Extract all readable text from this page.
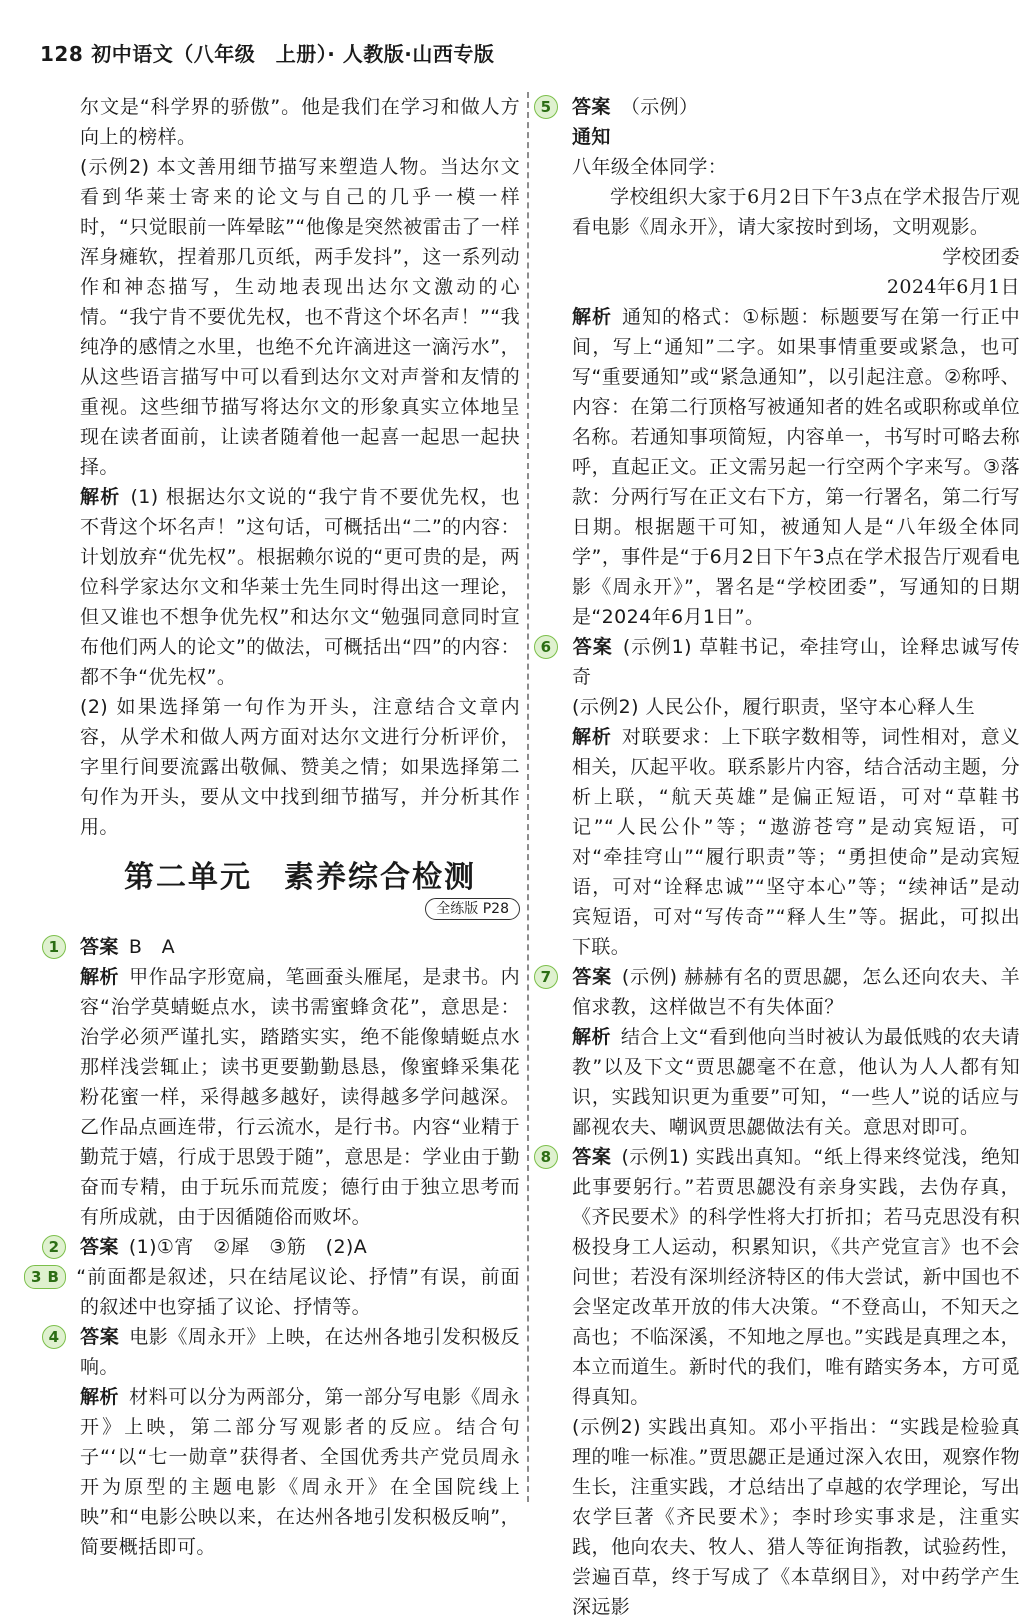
128 初中语文（八年级　上册）· 人教版·山西专版

尔文是“科学界的骄傲”。他是我们在学习和做人方向上的榜样。

(示例2) 本文善用细节描写来塑造人物。当达尔文看到华莱士寄来的论文与自己的几乎一模一样时，“只觉眼前一阵晕眩”“他像是突然被雷击了一样浑身瘫软，捏着那几页纸，两手发抖”，这一系列动作和神态描写，生动地表现出达尔文激动的心情。“我宁肯不要优先权，也不背这个坏名声！”“我纯净的感情之水里，也绝不允许滴进这一滴污水”，从这些语言描写中可以看到达尔文对声誉和友情的重视。这些细节描写将达尔文的形象真实立体地呈现在读者面前，让读者随着他一起喜一起思一起抉择。

解析 (1) 根据达尔文说的“我宁肯不要优先权，也不背这个坏名声！”这句话，可概括出“二”的内容：计划放弃“优先权”。根据赖尔说的“更可贵的是，两位科学家达尔文和华莱士先生同时得出这一理论，但又谁也不想争优先权”和达尔文“勉强同意同时宣布他们两人的论文”的做法，可概括出“四”的内容：都不争“优先权”。

(2) 如果选择第一句作为开头，注意结合文章内容，从学术和做人两方面对达尔文进行分析评价，字里行间要流露出敬佩、赞美之情；如果选择第二句作为开头，要从文中找到细节描写，并分析其作用。

第二单元　素养综合检测
全练版 P28

1 答案 B　A

解析 甲作品字形宽扁，笔画蚕头雁尾，是隶书。内容“治学莫蜻蜓点水，读书需蜜蜂贪花”，意思是：治学必须严谨扎实，踏踏实实，绝不能像蜻蜓点水那样浅尝辄止；读书更要勤勤恳恳，像蜜蜂采集花粉花蜜一样，采得越多越好，读得越多学问越深。乙作品点画连带，行云流水，是行书。内容“业精于勤荒于嬉，行成于思毁于随”，意思是：学业由于勤奋而专精，由于玩乐而荒废；德行由于独立思考而有所成就，由于因循随俗而败坏。

2 答案 (1)①宵　②犀　③筋　(2)A

3 B “前面都是叙述，只在结尾议论、抒情”有误，前面的叙述中也穿插了议论、抒情等。

4 答案 电影《周永开》上映，在达州各地引发积极反响。

解析 材料可以分为两部分，第一部分写电影《周永开》上映，第二部分写观影者的反应。结合句子“‘以“七一勋章”获得者、全国优秀共产党员周永开为原型的主题电影《周永开》在全国院线上映”和“电影公映以来，在达州各地引发积极反响”，简要概括即可。

5 答案 （示例）

通知

八年级全体同学：

学校组织大家于6月2日下午3点在学术报告厅观看电影《周永开》，请大家按时到场，文明观影。

学校团委

2024年6月1日

解析 通知的格式：①标题：标题要写在第一行正中间，写上“通知”二字。如果事情重要或紧急，也可写“重要通知”或“紧急通知”，以引起注意。②称呼、内容：在第二行顶格写被通知者的姓名或职称或单位名称。若通知事项简短，内容单一，书写时可略去称呼，直起正文。正文需另起一行空两个字来写。③落款：分两行写在正文右下方，第一行署名，第二行写日期。根据题干可知，被通知人是“八年级全体同学”，事件是“于6月2日下午3点在学术报告厅观看电影《周永开》”，署名是“学校团委”，写通知的日期是“2024年6月1日”。

6 答案 (示例1) 草鞋书记，牵挂穹山，诠释忠诚写传奇

(示例2) 人民公仆，履行职责，坚守本心释人生

解析 对联要求：上下联字数相等，词性相对，意义相关，仄起平收。联系影片内容，结合活动主题，分析上联，“航天英雄”是偏正短语，可对“草鞋书记”“人民公仆”等；“遨游苍穹”是动宾短语，可对“牵挂穹山”“履行职责”等；“勇担使命”是动宾短语，可对“诠释忠诚”“坚守本心”等；“续神话”是动宾短语，可对“写传奇”“释人生”等。据此，可拟出下联。

7 答案 (示例) 赫赫有名的贾思勰，怎么还向农夫、羊倌求教，这样做岂不有失体面？

解析 结合上文“看到他向当时被认为最低贱的农夫请教”以及下文“贾思勰毫不在意，他认为人人都有知识，实践知识更为重要”可知，“一些人”说的话应与鄙视农夫、嘲讽贾思勰做法有关。意思对即可。

8 答案 (示例1) 实践出真知。“纸上得来终觉浅，绝知此事要躬行。”若贾思勰没有亲身实践，去伪存真，《齐民要术》的科学性将大打折扣；若马克思没有积极投身工人运动，积累知识，《共产党宣言》也不会问世；若没有深圳经济特区的伟大尝试，新中国也不会坚定改革开放的伟大决策。“不登高山，不知天之高也；不临深溪，不知地之厚也。”实践是真理之本，本立而道生。新时代的我们，唯有踏实务本，方可觅得真知。

(示例2) 实践出真知。邓小平指出：“实践是检验真理的唯一标准。”贾思勰正是通过深入农田，观察作物生长，注重实践，才总结出了卓越的农学理论，写出农学巨著《齐民要术》；李时珍实事求是，注重实践，他向农夫、牧人、猎人等征询指教，试验药性，尝遍百草，终于写成了《本草纲目》，对中药学产生深远影
